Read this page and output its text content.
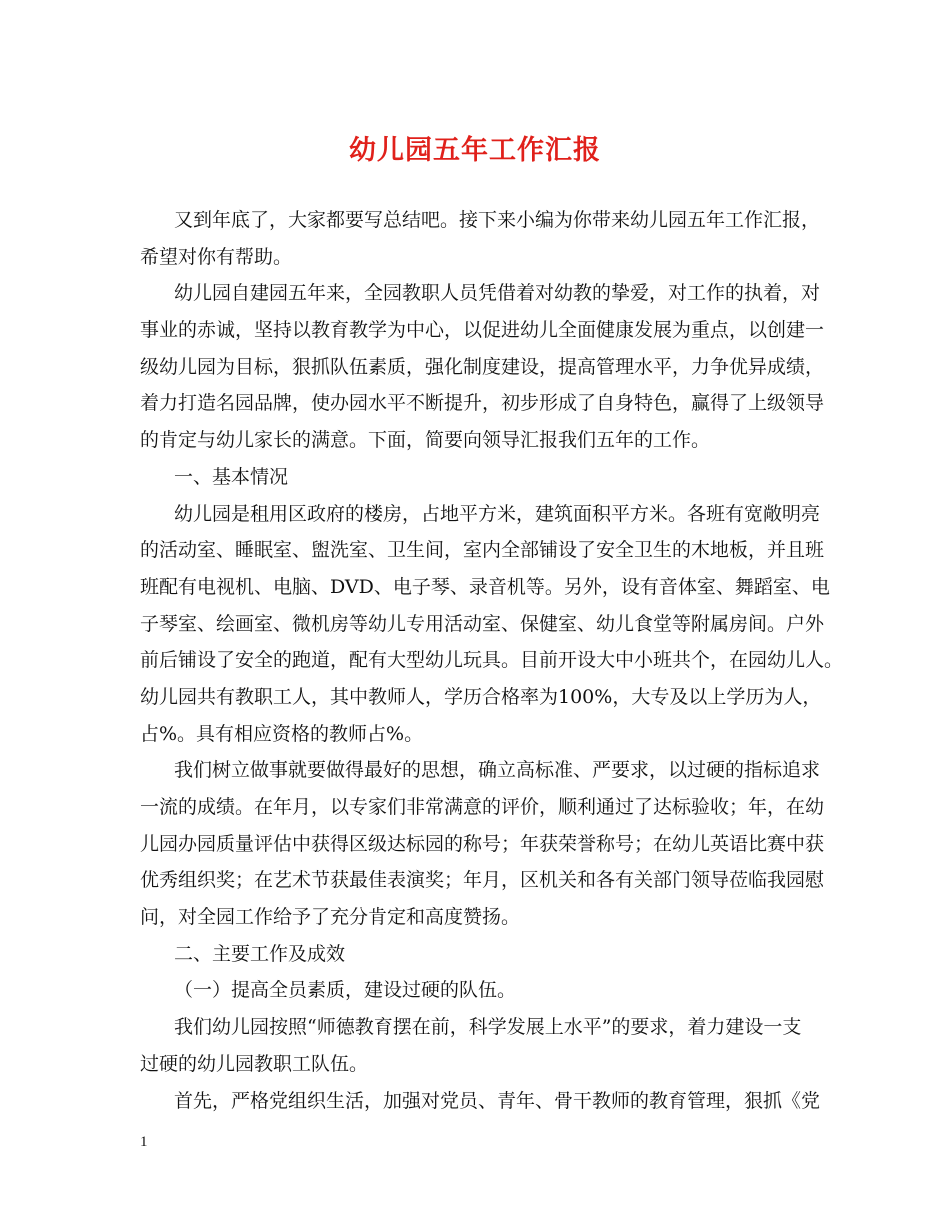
幼儿园五年工作汇报
又到年底了，大家都要写总结吧。接下来小编为你带来幼儿园五年工作汇报，
希望对你有帮助。
幼儿园自建园五年来，全园教职人员凭借着对幼教的挚爱，对工作的执着，对
事业的赤诚，坚持以教育教学为中心，以促进幼儿全面健康发展为重点，以创建一
级幼儿园为目标，狠抓队伍素质，强化制度建设，提高管理水平，力争优异成绩，
着力打造名园品牌，使办园水平不断提升，初步形成了自身特色，赢得了上级领导
的肯定与幼儿家长的满意。下面，简要向领导汇报我们五年的工作。
一、基本情况
幼儿园是租用区政府的楼房，占地平方米，建筑面积平方米。各班有宽敞明亮
的活动室、睡眠室、盥洗室、卫生间，室内全部铺设了安全卫生的木地板，并且班
班配有电视机、电脑、DVD、电子琴、录音机等。另外，设有音体室、舞蹈室、电
子琴室、绘画室、微机房等幼儿专用活动室、保健室、幼儿食堂等附属房间。户外
前后铺设了安全的跑道，配有大型幼儿玩具。目前开设大中小班共个，在园幼儿人。
幼儿园共有教职工人，其中教师人，学历合格率为100%，大专及以上学历为人，
占%。具有相应资格的教师占%。
我们树立做事就要做得最好的思想，确立高标准、严要求，以过硬的指标追求
一流的成绩。在年月，以专家们非常满意的评价，顺利通过了达标验收；年，在幼
儿园办园质量评估中获得区级达标园的称号；年获荣誉称号；在幼儿英语比赛中获
优秀组织奖；在艺术节获最佳表演奖；年月，区机关和各有关部门领导莅临我园慰
问，对全园工作给予了充分肯定和高度赞扬。
二、主要工作及成效
（一）提高全员素质，建设过硬的队伍。
我们幼儿园按照“师德教育摆在前，科学发展上水平”的要求，着力建设一支
过硬的幼儿园教职工队伍。
首先，严格党组织生活，加强对党员、青年、骨干教师的教育管理，狠抓《党
1
